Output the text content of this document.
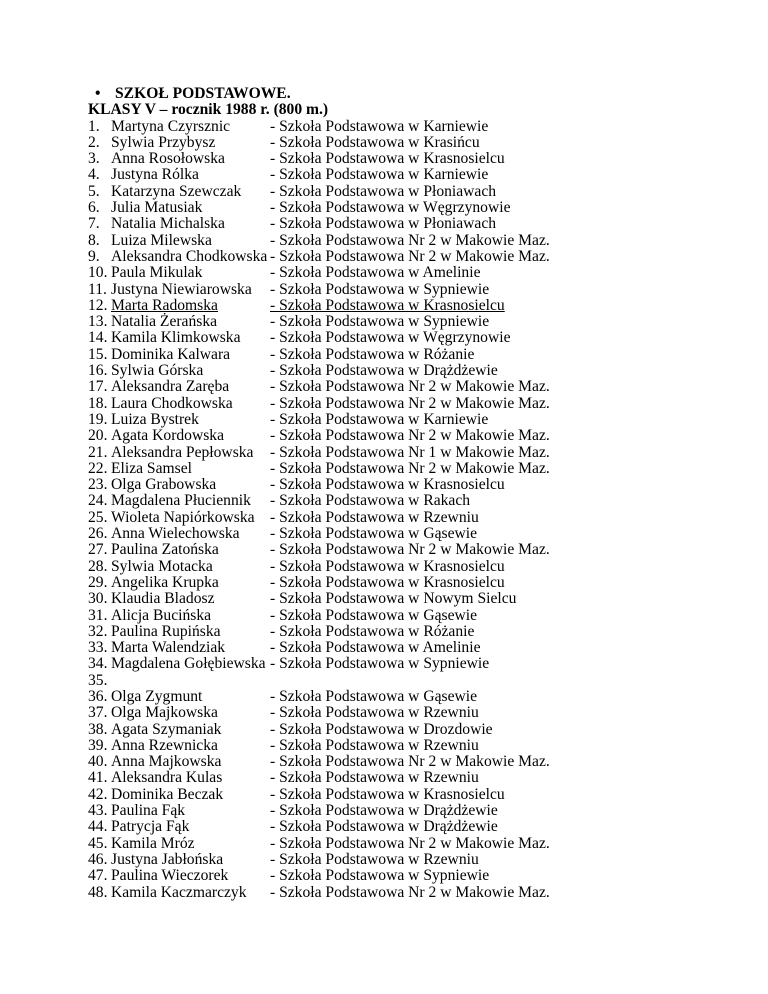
• SZKOŁ PODSTAWOWE.
KLASY V – rocznik 1988 r. (800 m.)
1. Martyna Czyrsznic	- Szkoła Podstawowa w Karniewie
2. Sylwia Przybysz	- Szkoła Podstawowa w Krasińcu
3. Anna Rosołowska	- Szkoła Podstawowa w Krasnosielcu
4. Justyna Rólka	- Szkoła Podstawowa w Karniewie
5. Katarzyna Szewczak - Szkoła Podstawowa w Płoniawach
6. Julia Matusiak	- Szkoła Podstawowa w Węgrzynowie
7. Natalia Michalska	- Szkoła Podstawowa w Płoniawach
8. Luiza Milewska	- Szkoła Podstawowa Nr 2 w Makowie Maz.
9. Aleksandra Chodkowska - Szkoła Podstawowa Nr 2 w Makowie Maz.
10. Paula Mikulak	- Szkoła Podstawowa w Amelinie
11. Justyna Niewiarowska - Szkoła Podstawowa w Sypniewie
12. Marta Radomska	- Szkoła Podstawowa w Krasnosielcu
13. Natalia Żerańska	- Szkoła Podstawowa w Sypniewie
14. Kamila Klimkowska - Szkoła Podstawowa w Węgrzynowie
15. Dominika Kalwara	- Szkoła Podstawowa w Różanie
16. Sylwia Górska	- Szkoła Podstawowa w Drążdżewie
17. Aleksandra Zaręba	- Szkoła Podstawowa Nr 2 w Makowie Maz.
18. Laura Chodkowska - Szkoła Podstawowa Nr 2 w Makowie Maz.
19. Luiza Bystrek	- Szkoła Podstawowa w Karniewie
20. Agata Kordowska	- Szkoła Podstawowa Nr 2 w Makowie Maz.
21. Aleksandra Pepłowska - Szkoła Podstawowa Nr 1 w Makowie Maz.
22. Eliza Samsel	- Szkoła Podstawowa Nr 2 w Makowie Maz.
23. Olga Grabowska	- Szkoła Podstawowa w Krasnosielcu
24. Magdalena Płuciennik - Szkoła Podstawowa w Rakach
25. Wioleta Napiórkowska - Szkoła Podstawowa w Rzewniu
26. Anna Wielechowska - Szkoła Podstawowa w Gąsewie
27. Paulina Zatońska	- Szkoła Podstawowa Nr 2 w Makowie Maz.
28. Sylwia Motacka	- Szkoła Podstawowa w Krasnosielcu
29. Angelika Krupka	- Szkoła Podstawowa w Krasnosielcu
30. Klaudia Bladosz	- Szkoła Podstawowa w Nowym Sielcu
31. Alicja Bucińska	- Szkoła Podstawowa w Gąsewie
32. Paulina Rupińska	- Szkoła Podstawowa w Różanie
33. Marta Walendziak	- Szkoła Podstawowa w Amelinie
34. Magdalena Gołębiewska - Szkoła Podstawowa w Sypniewie
35.
36. Olga Zygmunt	- Szkoła Podstawowa w Gąsewie
37. Olga Majkowska	- Szkoła Podstawowa w Rzewniu
38. Agata Szymaniak	- Szkoła Podstawowa w Drozdowie
39. Anna Rzewnicka	- Szkoła Podstawowa w Rzewniu
40. Anna Majkowska	- Szkoła Podstawowa Nr 2 w Makowie Maz.
41. Aleksandra Kulas	- Szkoła Podstawowa w Rzewniu
42. Dominika Beczak	- Szkoła Podstawowa w Krasnosielcu
43. Paulina Fąk	- Szkoła Podstawowa w Drążdżewie
44. Patrycja Fąk	- Szkoła Podstawowa w Drążdżewie
45. Kamila Mróz	- Szkoła Podstawowa Nr 2 w Makowie Maz.
46. Justyna Jabłońska	- Szkoła Podstawowa w Rzewniu
47. Paulina Wieczorek	- Szkoła Podstawowa w Sypniewie
48. Kamila Kaczmarczyk - Szkoła Podstawowa Nr 2 w Makowie Maz.
